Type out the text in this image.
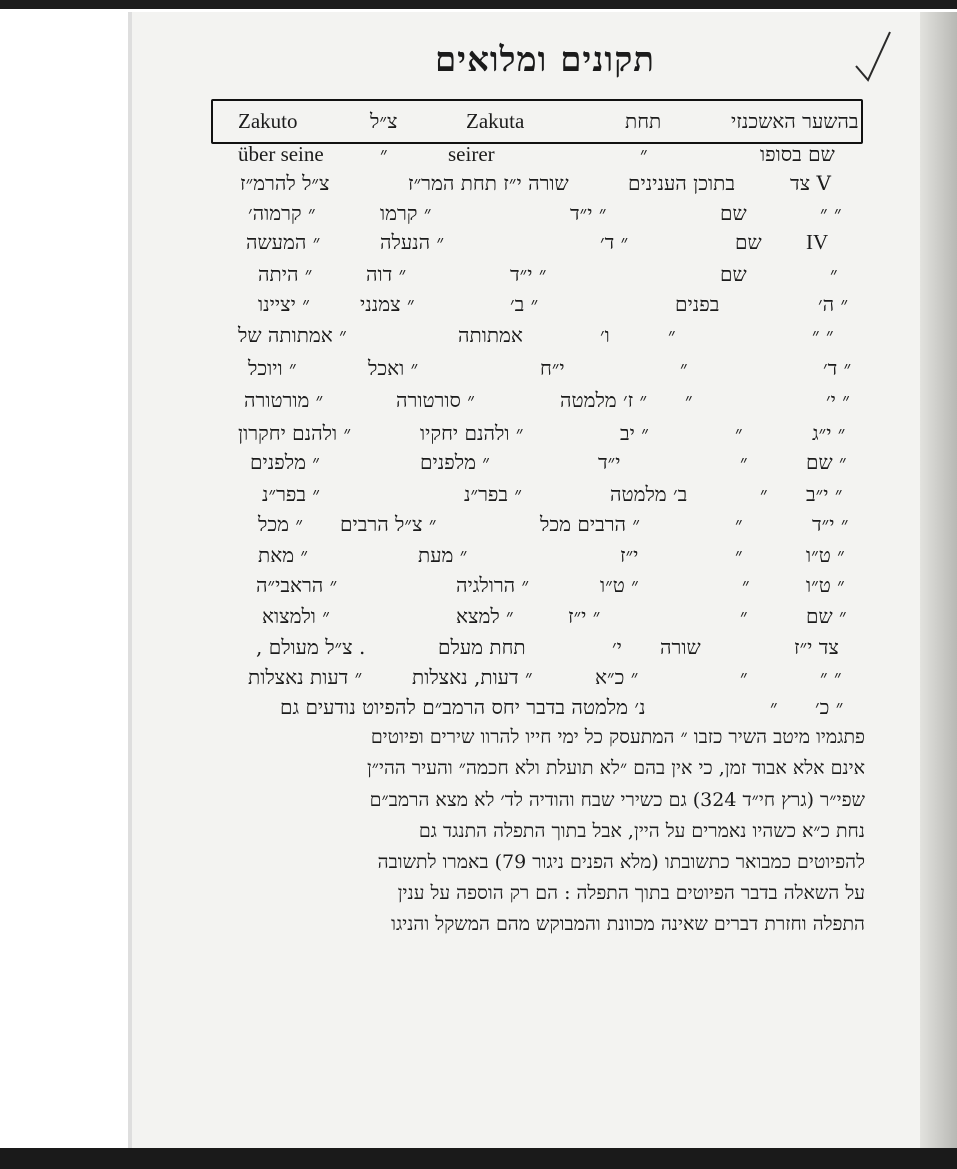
תקונים ומלואים
בהשער האשכנזי
תחת
Zakuta
צ״ל
Zakuto
שם בסופו
״
seirer
״
über seine
צד V
בתוכן הענינים
שורה י״ז תחת המר״ז
צ״ל להרמ״ז
״ ״
שם
״ י״ד
״ קרמו
״ קרמוה׳
IV
שם
״ ד׳
״ הנעלה
״ המעשה
״
שם
״ י״ד
״ דוה
״ היתה
״ ה׳
בפנים
״ ב׳
״ צמנני
״ יציינו
״ ״
״
ו׳
אמתותה
״ אמתותה של
״ ד׳
״
י״ח
״ ואכל
״ ויוכל
״ י׳
״
״ ז׳ מלמטה
״ סורטורה
״ מורטורה
״ י״ג
״
״ יב
״ ולהנם יחקיו
״ ולהנם יחקרון
״ שם
״
י״ד
״ מלפנים
״ מלפנים
״ י״ב
״
ב׳ מלמטה
״ בפר״נ
״ בפר״נ
״ י״ד
״
״ הרבים מכל
״ צ״ל הרבים
״ מכל
״ ט״ו
״
י״ז
״ מעת
״ מאת
״ ט״ו
״
״ ט״ו
״ הרולגיה
״ הראבי״ה
״ שם
״
״ י״ז
״ למצא
״ ולמצוא
צד י״ז
שורה
י׳
תחת מעלם
, צ״ל מעולם .
״ ״
״
״ כ״א
״ דעות, נאצלות
״ דעות נאצלות
״ כ׳
״
נ׳ מלמטה בדבר יחס הרמב״ם להפיוט נודעים גם
פתגמיו מיטב השיר כזבו ״ המתעסק כל ימי חייו להרוו שירים ופיוטים
אינם אלא אבוד זמן, כי אין בהם ״לא תועלת ולא חכמה״ והעיר ההי״ן
שפי״ר (גרץ חי״ד 324) גם כשירי שבח והודיה לד׳ לא מצא הרמב״ם
נחת כ״א כשהיו נאמרים על היין, אבל בתוך התפלה התנגד גם
להפיוטים כמבואר כתשובתו (מלא הפנים ניגור 79) באמרו לתשובה
על השאלה בדבר הפיוטים בתוך התפלה : הם רק הוספה על ענין
התפלה וחזרת דברים שאינה מכוונת והמבוקש מהם המשקל והניגו
